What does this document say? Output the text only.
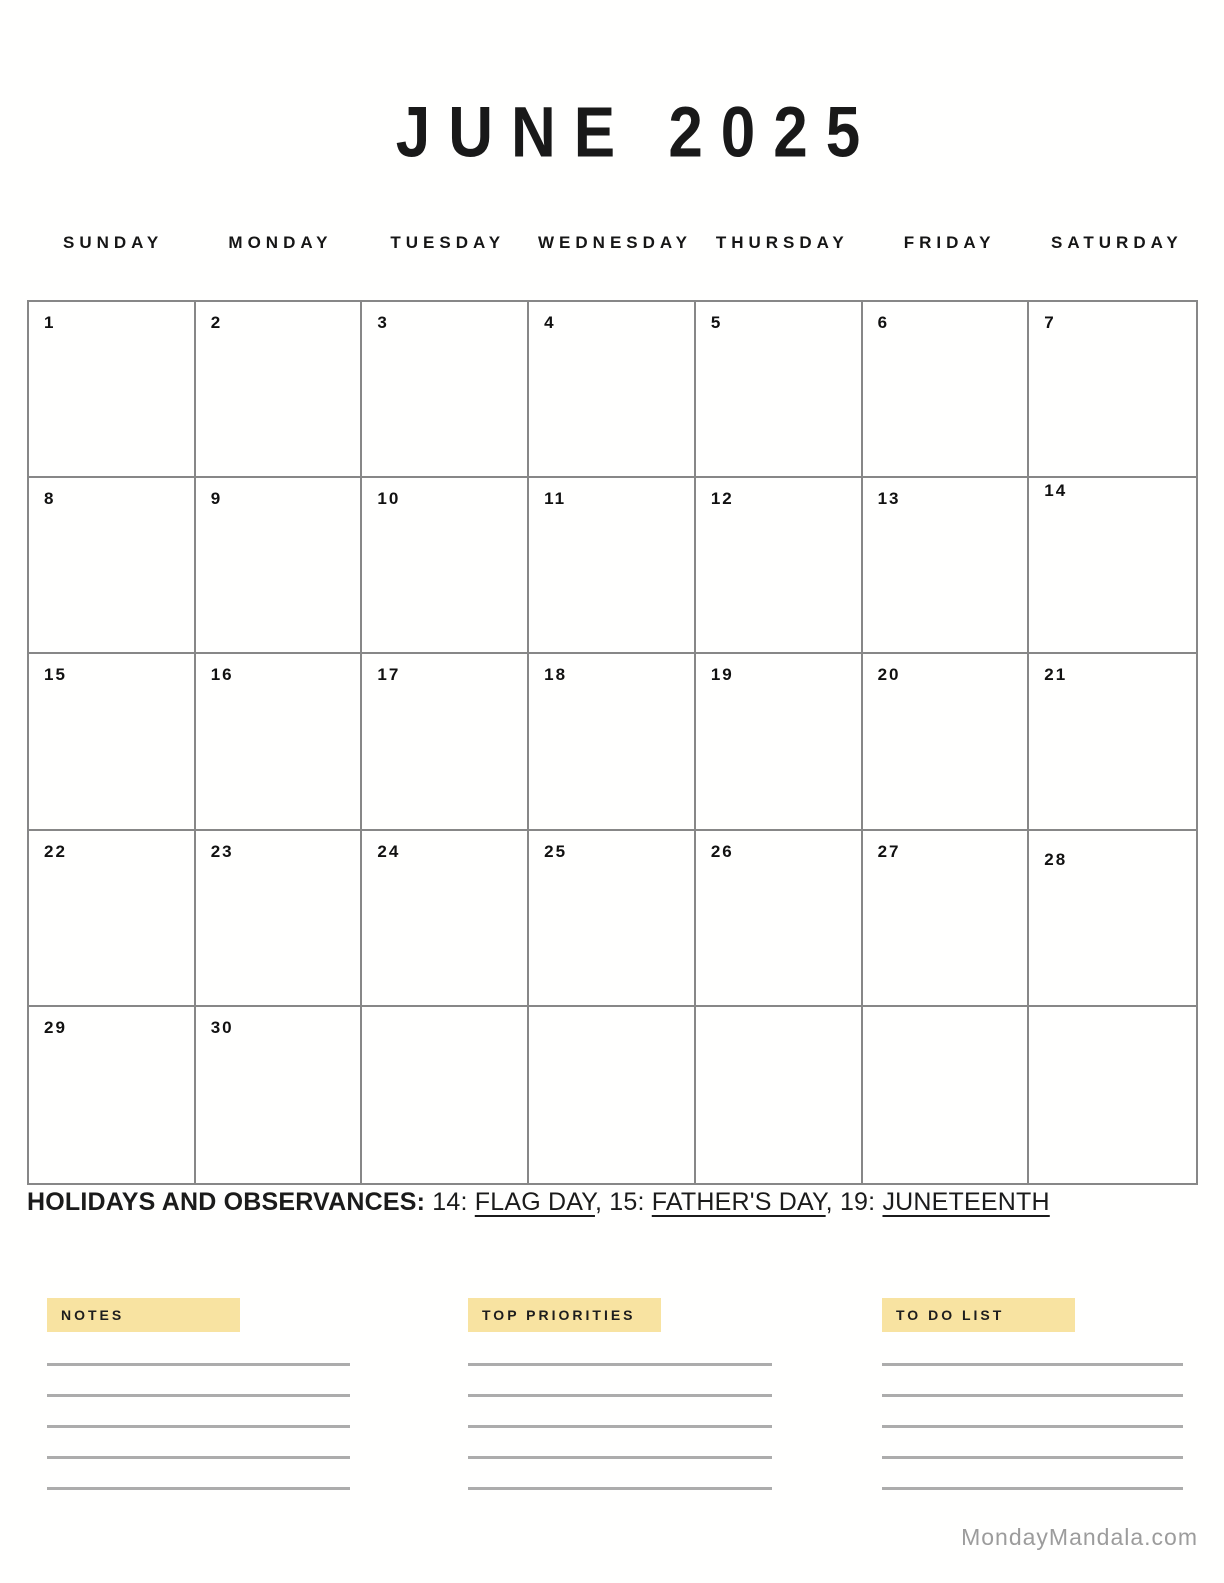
JUNE 2025
SUNDAY	MONDAY	TUESDAY	WEDNESDAY	THURSDAY	FRIDAY	SATURDAY
1	2	3	4	5	6	7
8	9	10	11	12	13	14
15	16	17	18	19	20	21
22	23	24	25	26	27	28
29	30
HOLIDAYS AND OBSERVANCES: 14: FLAG DAY, 15: FATHER'S DAY, 19: JUNETEENTH
NOTES	TOP PRIORITIES	TO DO LIST
MondayMandala.com
